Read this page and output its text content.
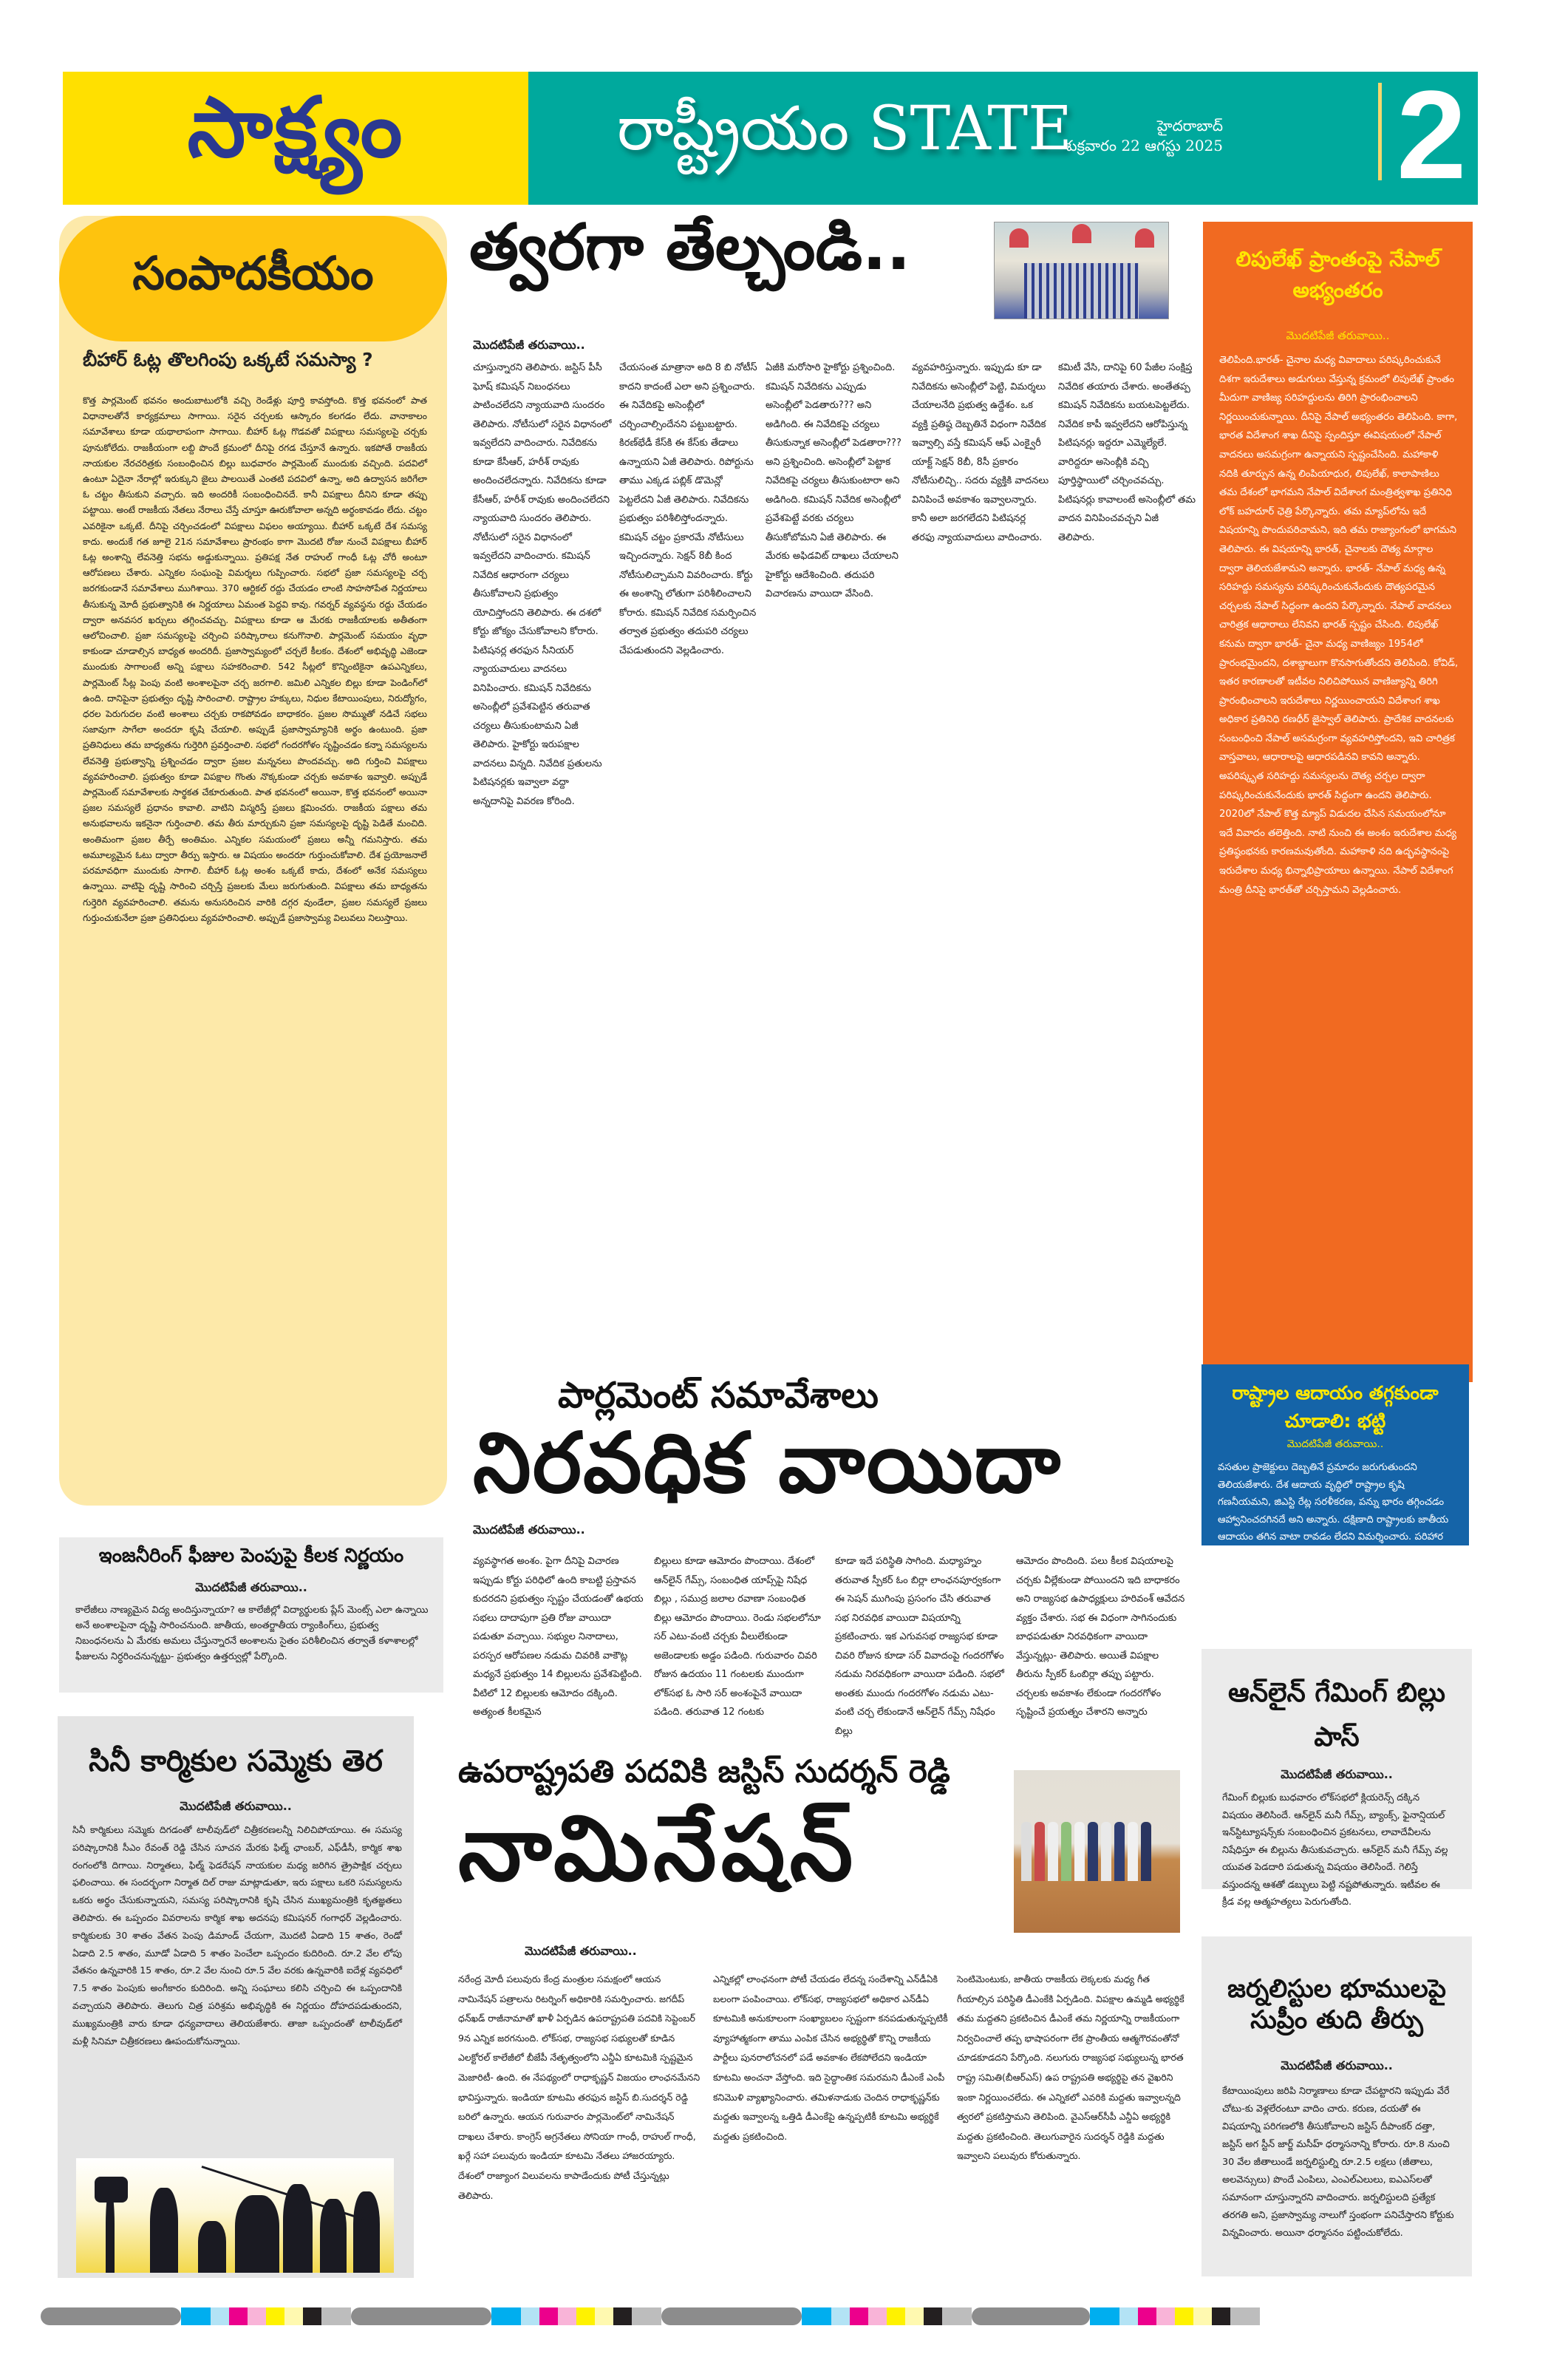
సాక్ష్యం	రాష్ట్రీయం STATE	హైదరాబాద్
శుక్రవారం 22 ఆగస్టు 2025 2
సంపాదకీయం
బీహార్ ఓట్ల తొలగింపు ఒక్కటే సమస్యా ?
కొత్త పార్లమెంట్ భవనం అందుబాటులోకి వచ్చి రెండేళ్లు పూర్తి కావస్తోంది. కొత్త భవనంలో పాత విధానాలతోనే కార్యక్రమాలు సాగాయి. సరైన చర్చలకు ఆస్కారం కలగడం లేదు. వానాకాలం సమావేశాలు కూడా యథాలాపంగా సాగాయి. బీహార్ ఓట్ల గొడవతో విపక్షాలు సమస్యలపై చర్చకు పూనుకోలేదు. రాజకీయంగా లబ్ది పొందే క్రమంలో దీనిపై రగడ చేస్తూనే ఉన్నారు. ఇకపోతే రాజకీయ నాయకుల నేరచరిత్రకు సంబంధించిన బిల్లు బుధవారం పార్లమెంట్ ముందుకు వచ్చింది. పదవిలో ఉంటూ ఏదైనా నేరాల్లో ఇరుక్కుని జైలు పాలయితే ఎంతటి పదవిలో ఉన్నా, అది ఉద్వాసన జరిగేలా ఓ చట్టం తీసుకుని వచ్చారు. ఇది అందరికీ సంబంధించినదే. కానీ విపక్షాలు దీనిని కూడా తప్పు పట్టాయి. అంటే రాజకీయ నేతలు నేరాలు చేస్తే చూస్తూ ఊరుకోవాలా అన్నది అర్థంకావడం లేదు. చట్టం ఎవరికైనా ఒక్కటే. దీనిపై చర్చించడంలో విపక్షాలు విఫలం అయ్యాయి. బీహార్ ఒక్కటే దేశ సమస్య కాదు. అందుకే గత జూలై 21న సమావేశాలు ప్రారంభం కాగా మొదటి రోజు నుంచే విపక్షాలు బీహార్ ఓట్ల అంశాన్ని లేవనెత్తి సభను అడ్డుకున్నాయి. ప్రతిపక్ష నేత రాహుల్ గాంధీ ఓట్ల చోరీ అంటూ ఆరోపణలు చేశారు. ఎన్నికల సంఘంపై విమర్శలు గుప్పించారు. సభలో ప్రజా సమస్యలపై చర్చ జరగకుండానే సమావేశాలు ముగిశాయి. 370 ఆర్టికల్ రద్దు చేయడం లాంటి సాహసోపేత నిర్ణయాలు తీసుకున్న మోదీ ప్రభుత్వానికి ఈ నిర్ణయాలు ఏమంత పెద్దవి కావు. గవర్నర్ వ్యవస్థను రద్దు చేయడం ద్వారా అనవసర ఖర్చులు తగ్గించవచ్చు. విపక్షాలు కూడా ఆ మేరకు రాజకీయాలకు అతీతంగా ఆలోచించాలి. ప్రజా సమస్యలపై చర్చించి పరిష్కారాలు కనుగొనాలి. పార్లమెంట్ సమయం వృధా కాకుండా చూడాల్సిన బాధ్యత అందరిదీ. ప్రజాస్వామ్యంలో చర్చలే కీలకం. దేశంలో అభివృద్ధి ఎజెండా ముందుకు సాగాలంటే అన్ని పక్షాలు సహకరించాలి. 542 సీట్లలో కొన్నింటికైనా ఉపఎన్నికలు, పార్లమెంట్ సీట్ల పెంపు వంటి అంశాలపైనా చర్చ జరగాలి. జమిలి ఎన్నికల బిల్లు కూడా పెండింగ్‌లో ఉంది. దానిపైనా ప్రభుత్వం దృష్టి సారించాలి. రాష్ట్రాల హక్కులు, నిధుల కేటాయింపులు, నిరుద్యోగం, ధరల పెరుగుదల వంటి అంశాలు చర్చకు రాకపోవడం బాధాకరం. ప్రజల సొమ్ముతో నడిచే సభలు సజావుగా సాగేలా అందరూ కృషి చేయాలి. అప్పుడే ప్రజాస్వామ్యానికి అర్థం ఉంటుంది. ప్రజా ప్రతినిధులు తమ బాధ్యతను గుర్తెరిగి ప్రవర్తించాలి. సభలో గందరగోళం సృష్టించడం కన్నా సమస్యలను లేవనెత్తి ప్రభుత్వాన్ని ప్రశ్నించడం ద్వారా ప్రజల మన్ననలు పొందవచ్చు. అది గుర్తించి విపక్షాలు వ్యవహరించాలి. ప్రభుత్వం కూడా విపక్షాల గొంతు నొక్కకుండా చర్చకు అవకాశం ఇవ్వాలి. అప్పుడే పార్లమెంట్ సమావేశాలకు సార్థకత చేకూరుతుంది. పాత భవనంలో అయినా, కొత్త భవనంలో అయినా ప్రజల సమస్యలే ప్రధానం కావాలి. వాటిని విస్మరిస్తే ప్రజలు క్షమించరు. రాజకీయ పక్షాలు తమ అనుభవాలను ఇకనైనా గుర్తించాలి. తమ తీరు మార్చుకుని ప్రజా సమస్యలపై దృష్టి పెడితే మంచిది. అంతిమంగా ప్రజల తీర్పే అంతిమం. ఎన్నికల సమయంలో ప్రజలు అన్నీ గమనిస్తారు. తమ అమూల్యమైన ఓటు ద్వారా తీర్పు ఇస్తారు. ఆ విషయం అందరూ గుర్తుంచుకోవాలి. దేశ ప్రయోజనాలే పరమావధిగా ముందుకు సాగాలి. బీహార్ ఓట్ల అంశం ఒక్కటే కాదు, దేశంలో అనేక సమస్యలు ఉన్నాయి. వాటిపై దృష్టి సారించి చర్చిస్తే ప్రజలకు మేలు జరుగుతుంది. విపక్షాలు తమ బాధ్యతను గుర్తెరిగి వ్యవహరించాలి. తమను అనుసరించిన వారికి దగ్గర వుండేలా, ప్రజల సమస్యలే ప్రజలు గుర్తుంచుకునేలా ప్రజా ప్రతినిధులు వ్యవహరించాలి. అప్పుడే ప్రజాస్వామ్య విలువలు నిలుస్తాయి.
త్వరగా తేల్చండి..
మొదటిపేజీ తరువాయి..
చూస్తున్నారని తెలిపారు. జస్టిస్ పీసీ ఘోష్ కమిషన్ నిబంధనలు పాటించలేదని న్యాయవాది సుందరం తెలిపారు. నోటీసులో సరైన విధానంలో ఇవ్వలేదని వాదించారు. నివేదికను కూడా కేసీఆర్, హరీశ్ రావుకు అందించలేదన్నారు. నివేదికను కూడా కేసీఆర్, హరీశ్ రావుకు అందించలేదని న్యాయవాది సుందరం తెలిపారు. నోటీసులో సరైన విధానంలో ఇవ్వలేదని వాదించారు. కమిషన్ నివేదిక ఆధారంగా చర్యలు తీసుకోవాలని ప్రభుత్వం యోచిస్తోందని తెలిపారు. ఈ దశలో కోర్టు జోక్యం చేసుకోవాలని కోరారు. పిటిషనర్ల తరఫున సీనియర్ న్యాయవాదులు వాదనలు వినిపించారు. కమిషన్ నివేదికను అసెంబ్లీలో ప్రవేశపెట్టిన తరువాత చర్యలు తీసుకుంటామని ఏజీ తెలిపారు. హైకోర్టు ఇరుపక్షాల వాదనలు విన్నది. నివేదిక ప్రతులను పిటిషనర్లకు ఇవ్వాలా వద్దా అన్నదానిపై వివరణ కోరింది.
చేయసంత మాత్రానా అది 8 బి నోటీస్ కాదని కాదంటే ఎలా అని ప్రశ్నించారు. ఈ నివేదికపై అసెంబ్లీలో చర్చించాల్సిందేనని పట్టుబట్టారు. కిరణ్‌భేడీ కేస్‌కి ఈ కేస్‌కు తేడాలు ఉన్నాయని ఏజీ తెలిపారు. రిపోర్టును తాము ఎక్కడ పబ్లిక్ డొమెన్లో పెట్టలేదని ఏజీ తెలిపారు. నివేదికను ప్రభుత్వం పరిశీలిస్తోందన్నారు. కమిషన్ చట్టం ప్రకారమే నోటీసులు ఇచ్చిందన్నారు. సెక్షన్ 8బీ కింద నోటీసులిచ్చామని వివరించారు. కోర్టు ఈ అంశాన్ని లోతుగా పరిశీలించాలని కోరారు. కమిషన్ నివేదిక సమర్పించిన తర్వాత ప్రభుత్వం తదుపరి చర్యలు చేపడుతుందని వెల్లడించారు.
ఏజీకి మరోసారి హైకోర్టు ప్రశ్నించింది. కమిషన్ నివేదికను ఎప్పుడు అసెంబ్లీలో పెడతారు??? అని అడిగింది. ఈ నివేదికపై చర్యలు తీసుకున్నాక అసెంబ్లీలో పెడతారా??? అని ప్రశ్నించింది. అసెంబ్లీలో పెట్టాక నివేదికపై చర్యలు తీసుకుంటారా అని అడిగింది. కమిషన్ నివేదిక అసెంబ్లీలో ప్రవేశపెట్టే వరకు చర్యలు తీసుకోబోమని ఏజీ తెలిపారు. ఈ మేరకు అఫిడవిట్ దాఖలు చేయాలని హైకోర్టు ఆదేశించింది. తదుపరి విచారణను వాయిదా వేసింది.
వ్యవహరిస్తున్నారు. ఇప్పుడు కూ డా నివేదికను అసెంబ్లీలో పెట్టి, విమర్శలు చేయాలనేది ప్రభుత్వ ఉద్దేశం. ఒక వ్యక్తి ప్రతిష్ఠ దెబ్బతినే విధంగా నివేదిక ఇవ్వాల్సి వస్తే కమిషన్ ఆఫ్ ఎంక్వైరీ యాక్ట్ సెక్షన్ 8బీ, 8సీ ప్రకారం నోటీసులిచ్చి.. సదరు వ్యక్తికి వాదనలు వినిపించే అవకాశం ఇవ్వాలన్నారు. కానీ అలా జరగలేదని పిటిషనర్ల తరఫు న్యాయవాదులు వాదించారు.
కమిటీ వేసి, దానిపై 60 పేజీల సంక్షిప్త నివేదిక తయారు చేశారు. అంతేతప్ప కమిషన్ నివేదికను బయటపెట్టలేదు. నివేదిక కాపీ ఇవ్వలేదని ఆరోపిస్తున్న పిటిషనర్లు ఇద్దరూ ఎమ్మెల్యేలే. వారిద్దరూ అసెంబ్లీకి వచ్చి పూర్తిస్థాయిలో చర్చించవచ్చు. పిటిషనర్లు కావాలంటే అసెంబ్లీలో తమ వాదన వినిపించవచ్చని ఏజీ తెలిపారు.
లిపులేఖ్ ప్రాంతంపై నేపాల్ అభ్యంతరం
మొదటిపేజీ తరువాయి..
తెలిపింది.భారత్- చైనాల మధ్య వివాదాలు పరిష్కరించుకునే దిశగా ఇరుదేశాలు అడుగులు వేస్తున్న క్రమంలో లిపులేఖ్ ప్రాంతం మీదుగా వాణిజ్య సరిహద్దులను తిరిగి ప్రారంభించాలని నిర్ణయించుకున్నాయి. దీనిపై నేపాల్ అభ్యంతరం తెలిపింది. కాగా, భారత విదేశాంగ శాఖ దీనిపై స్పందిస్తూ ఈవిషయంలో నేపాల్ వాదనలు అసమగ్రంగా ఉన్నాయని స్పష్టంచేసింది. మహాకాళి నదికి తూర్పున ఉన్న లింపియాధుర, లిపులేఖ్, కాలాపాణిలు తమ దేశంలో భాగమని నేపాల్ విదేశాంగ మంత్రిత్వశాఖ ప్రతినిధి లోక్ బహదూర్ ఛెత్రి పేర్కొన్నారు. తమ మ్యాప్‌లోను ఇదే విషయాన్ని పొందుపరిచామని, ఇది తమ రాజ్యాంగంలో భాగమని తెలిపారు. ఈ విషయాన్ని భారత్, చైనాలకు దౌత్య మార్గాల ద్వారా తెలియజేశామని అన్నారు. భారత్- నేపాల్ మధ్య ఉన్న సరిహద్దు సమస్యను పరిష్కరించుకునేందుకు దౌత్యపరమైన చర్చలకు నేపాల్ సిద్ధంగా ఉందని పేర్కొన్నారు. నేపాల్ వాదనలు చారిత్రక ఆధారాలు లేనివని భారత్ స్పష్టం చేసింది. లిపులేఖ్ కనుమ ద్వారా భారత్- చైనా మధ్య వాణిజ్యం 1954లో ప్రారంభమైందని, దశాబ్దాలుగా కొనసాగుతోందని తెలిపింది. కోవిడ్, ఇతర కారణాలతో ఇటీవల నిలిచిపోయిన వాణిజ్యాన్ని తిరిగి ప్రారంభించాలని ఇరుదేశాలు నిర్ణయించాయని విదేశాంగ శాఖ అధికార ప్రతినిధి రణధీర్ జైస్వాల్ తెలిపారు. ప్రాదేశిక వాదనలకు సంబంధించి నేపాల్ అసమగ్రంగా వ్యవహరిస్తోందని, ఇవి చారిత్రక వాస్తవాలు, ఆధారాలపై ఆధారపడినవి కావని అన్నారు. అపరిష్కృత సరిహద్దు సమస్యలను దౌత్య చర్చల ద్వారా పరిష్కరించుకునేందుకు భారత్ సిద్ధంగా ఉందని తెలిపారు. 2020లో నేపాల్ కొత్త మ్యాప్ విడుదల చేసిన సమయంలోనూ ఇదే వివాదం తలెత్తింది. నాటి నుంచి ఈ అంశం ఇరుదేశాల మధ్య ప్రతిష్ఠంభనకు కారణమవుతోంది. మహాకాళి నది ఉద్భవస్థానంపై ఇరుదేశాల మధ్య భిన్నాభిప్రాయాలు ఉన్నాయి. నేపాల్ విదేశాంగ మంత్రి దీనిపై భారత్‌తో చర్చిస్తామని వెల్లడించారు.
రాష్ట్రాల ఆదాయం తగ్గకుండా చూడాలి: భట్టి
మొదటిపేజీ తరువాయి..
వసతుల ప్రాజెక్టులు దెబ్బతినే ప్రమాదం జరుగుతుందని తెలియజేశారు. దేశ ఆదాయ వృద్ధిలో రాష్ట్రాల కృషి గణనీయమని, జిఎస్టి రేట్ల సరళీకరణ, పన్ను భారం తగ్గించడం ఆహ్వానించదగినదే అని అన్నారు. దక్షిణాది రాష్ట్రాలకు జాతీయ ఆదాయం తగిన వాటా రావడం లేదని విమర్శించారు. పరిహార సెస్సు కొనసాగించి.. ఆదాయాన్ని పంచాలన్న భట్టి విక్రమార్క పేర్కొన్నారు.
ఆన్‌లైన్ గేమింగ్ బిల్లు పాస్
మొదటిపేజీ తరువాయి..
గేమింగ్ బిల్లుకు బుధవారం లోక్‌సభలో క్లియరెన్స్ దక్కిన విషయం తెలిసిందే. ఆన్‌లైన్ మనీ గేమ్స్, బ్యాంక్స్, ఫైనాన్షియల్ ఇన్‌స్టిట్యూషన్స్‌కు సంబంధించిన ప్రకటనలు, లావాదేవీలను నిషేధిస్తూ ఈ బిల్లును తీసుకువచ్చారు. ఆన్‌లైన్ మనీ గేమ్స్ వల్ల యువత పెడదారి పడుతున్న విషయం తెలిసిందే. గెలిస్తే వస్తుందన్న ఆశతో డబ్బులు పెట్టి నష్టపోతున్నారు. ఇటీవల ఈ క్రీడ వల్ల ఆత్మహత్యలు పెరుగుతోంది.
జర్నలిస్టుల భూములపై సుప్రీం తుది తీర్పు
మొదటిపేజీ తరువాయి..
కేటాయింపులు జరిపి నిర్మాణాలు కూడా చేపట్టారని ఇప్పుడు వేరే చోటు-కు వెళ్లలేరంటూ వాదిం చారు. కరుణ, దయతో ఈ విషయాన్ని పరిగణలోకి తీసుకోవాలని జస్టిస్ దీపాంకర్ దత్తా, జస్టిస్ అగ స్టీన్ జార్జ్ మసీహ్ ధర్మాసనాన్ని కోరారు. రూ.8 నుంచి 30 వేల జీతాలుండే జర్నలిస్టుల్ని రూ.2.5 లక్షలు (జీతాలు, అలవెన్సులు) పొందే ఎంపిలు, ఎంఎల్ఎలులు, ఐఎఎస్‌లతో సమానంగా చూస్తున్నారని వాదించారు. జర్నలిస్టులది ప్రత్యేక తరగతి అని, ప్రజాస్వామ్య నాలుగో స్తంభంగా పనిచేస్తారని కోర్టుకు విన్నవించారు. అయినా ధర్మాసనం పట్టించుకోలేదు.
పార్లమెంట్ సమావేశాలు
నిరవధిక వాయిదా
మొదటిపేజీ తరువాయి..
వ్యవస్థాగత అంశం. పైగా దీనిపై విచారణ ఇప్పుడు కోర్టు పరిధిలో ఉంది కాబట్టి ప్రస్తావన కుదరదని ప్రభుత్వం స్పష్టం చేయడంతో ఉభయ సభలు దాదాపుగా ప్రతి రోజు వాయిదా పడుతూ వచ్చాయి. సభ్యుల నినాదాలు, పరస్పర ఆరోపణల నడుమ చివరికి వాకౌట్ల మధ్యనే ప్రభుత్వం 14 బిల్లులను ప్రవేశపెట్టింది. వీటిలో 12 బిల్లులకు ఆమోదం దక్కింది. అత్యంత కీలకమైన
బిల్లులు కూడా ఆమోదం పొందాయి. దేశంలో ఆన్‌లైన్ గేమ్స్, సంబంధిత యాప్స్‌పై నిషేధ బిల్లు , సముద్ర జలాల రవాణా సంబంధిత బిల్లు ఆమోదం పొందాయి. రెండు సభలలోనూ సర్ ఎటు-వంటి చర్చకు వీలులేకుండా అజెండాలకు అడ్డం పడింది. గురువారం చివరి రోజున ఉదయం 11 గంటలకు ముందుగా లోక్‌సభ ఓ సారి సర్ అంశంపైనే వాయిదా పడింది. తరువాత 12 గంటకు
కూడా ఇదే పరిస్థితి సాగింది. మధ్యాహ్నం తరువాత స్పీకర్ ఓం బిర్లా లాంఛనపూర్వకంగా ఈ సెషన్ ముగింపు ప్రసంగం చేసి తరువాత సభ నిరవధిక వాయిదా విషయాన్ని ప్రకటించారు. ఇక ఎగువసభ రాజ్యసభ కూడా చివరి రోజున కూడా సర్ వివాదంపై గందరగోళం నడుమ నిరవధికంగా వాయిదా పడింది. సభలో అంతకు ముందు గందరగోళం నడుమ ఎటు-వంటి చర్చ లేకుండానే ఆన్‌లైన్ గేమ్స్ నిషేధం బిల్లు
ఆమోదం పొందింది. పలు కీలక విషయాలపై చర్చకు వీల్లేకుండా పోయిందని ఇది బాధాకరం అని రాజ్యసభ ఉపాధ్యక్షులు హరివంశ్ ఆవేదన వ్యక్తం చేశారు. సభ ఈ విధంగా సాగినందుకు బాధపడుతూ నిరవధికంగా వాయిదా వేస్తున్నట్లు- తెలిపారు. అయితే విపక్షాల తీరును స్పీకర్ ఓంబిర్లా తప్పు పట్టారు. చర్చలకు అవకాశం లేకుండా గందరగోళం సృష్టించే ప్రయత్నం చేశారని అన్నారు
ఇంజనీరింగ్ ఫీజుల పెంపుపై కీలక నిర్ణయం
మొదటిపేజీ తరువాయి..
కాలేజీలు నాణ్యమైన విద్య అందిస్తున్నాయా? ఆ కాలేజీల్లో విద్యార్థులకు ప్లేస్ మెంట్స్ ఎలా ఉన్నాయి అనే అంశాలపైనా దృష్టి సారించనుంది. జాతీయ, అంతర్జాతీయ ర్యాంకింగ్‌లు, ప్రభుత్వ నిబంధనలను ఏ మేరకు అమలు చేస్తున్నారనే అంశాలను సైతం పరిశీలించిన తర్వాతే కళాశాలల్లో ఫీజులను నిర్ధరించనున్నట్టు- ప్రభుత్వం ఉత్తర్వుల్లో పేర్కొంది.
సినీ కార్మికుల సమ్మెకు తెర
మొదటిపేజీ తరువాయి..
సినీ కార్మికులు సమ్మెకు దిగడంతో టాలీవుడ్‌లో చిత్రీకరణలన్నీ నిలిచిపోయాయి. ఈ సమస్య పరిష్కారానికి సీఎం రేవంత్ రెడ్డి చేసిన సూచన మేరకు ఫిల్మ్ ఛాంబర్, ఎఫ్‌డీసీ, కార్మిక శాఖ రంగంలోకి దిగాయి. నిర్మాతలు, ఫిల్మ్ ఫెడరేషన్ నాయకుల మధ్య జరిగిన త్రైపాక్షిక చర్చలు ఫలించాయి. ఈ సందర్భంగా నిర్మాత దిల్ రాజు మాట్లాడుతూ, ఇరు పక్షాలు ఒకరి సమస్యలను ఒకరు అర్థం చేసుకున్నాయని, సమస్య పరిష్కారానికి కృషి చేసిన ముఖ్యమంత్రికి కృతజ్ఞతలు తెలిపారు. ఈ ఒప్పందం వివరాలను కార్మిక శాఖ అదనపు కమిషనర్ గంగాధర్ వెల్లడించారు. కార్మికులకు 30 శాతం వేతన పెంపు డిమాండ్ చేయగా, మొదటి ఏడాది 15 శాతం, రెండో ఏడాది 2.5 శాతం, మూడో ఏడాది 5 శాతం పెంచేలా ఒప్పందం కుదిరింది. రూ.2 వేల లోపు వేతనం ఉన్నవారికి 15 శాతం, రూ.2 వేల నుంచి రూ.5 వేల వరకు ఉన్నవారికి ఐదేళ్ల వ్యవధిలో 7.5 శాతం పెంపుకు అంగీకారం కుదిరింది. అన్ని సంఘాలు కలిసి చర్చించి ఈ ఒప్పందానికి వచ్చాయని తెలిపారు. తెలుగు చిత్ర పరిశ్రమ అభివృద్ధికి ఈ నిర్ణయం దోహదపడుతుందని, ముఖ్యమంత్రికి వారు కూడా ధన్యవాదాలు తెలియజేశారు. తాజా ఒప్పందంతో టాలీవుడ్‌లో మళ్లీ సినిమా చిత్రీకరణలు ఊపందుకోనున్నాయి.
ఉపరాష్ట్రపతి పదవికి జస్టిస్ సుదర్శన్ రెడ్డి
నామినేషన్
మొదటిపేజీ తరువాయి..
నరేంద్ర మోదీ పలువురు కేంద్ర మంత్రుల సమక్షంలో ఆయన నామినేషన్ పత్రాలను రిటర్నింగ్ అధికారికి సమర్పించారు. జగదీప్ ధన్‌ఖడ్ రాజీనామాతో ఖాళీ ఏర్పడిన ఉపరాష్ట్రపతి పదవికి సెప్టెంబర్ 9న ఎన్నిక జరగనుంది. లోక్‌సభ, రాజ్యసభ సభ్యులతో కూడిన ఎలక్టోరల్ కాలేజీలో బీజేపీ నేతృత్వంలోని ఎన్డీఏ కూటమికి స్పష్టమైన మెజారిటీ- ఉంది. ఈ నేపథ్యంలో రాధాకృష్ణన్ విజయం లాంఛనమేనని భావిస్తున్నారు. ఇండియా కూటమి తరఫున జస్టిస్ బి.సుదర్శన్ రెడ్డి బరిలో ఉన్నారు. ఆయన గురువారం పార్లమెంట్‌లో నామినేషన్ దాఖలు చేశారు. కాంగ్రెస్ అగ్రనేతలు సోనియా గాంధీ, రాహుల్ గాంధీ, ఖర్గే సహా పలువురు ఇండియా కూటమి నేతలు హాజరయ్యారు. దేశంలో రాజ్యాంగ విలువలను కాపాడేందుకు పోటీ చేస్తున్నట్లు తెలిపారు.
ఎన్నికల్లో లాంఛనంగా పోటీ చేయడం లేదన్న సందేశాన్ని ఎన్‌డీఏకి బలంగా పంపించాయి. లోక్‌సభ, రాజ్యసభలో అధికార ఎన్‌డీఏ కూటమికి అనుకూలంగా సంఖ్యాబలం స్పష్టంగా కనపడుతున్నప్పటికీ వ్యూహాత్మకంగా తాము ఎంపిక చేసిన అభ్యర్థితో కొన్ని రాజకీయ పార్టీలు పునరాలోచనలో పడే అవకాశం లేకపోలేదని ఇండియా కూటమి అంచనా వేస్తోంది. ఇది సైద్ధాంతిక సమరమని డీఎంకే ఎంపీ కనిమొళి వ్యాఖ్యానించారు. తమిళనాడుకు చెందిన రాధాకృష్ణన్‌కు మద్దతు ఇవ్వాలన్న ఒత్తిడి డీఎంకేపై ఉన్నప్పటికీ కూటమి అభ్యర్థికే మద్దతు ప్రకటించింది.
సెంటిమెంటుకు, జాతీయ రాజకీయ లెక్కలకు మధ్య గీత గీయాల్సిన పరిస్థితి డీఎంకేకి ఏర్పడింది. విపక్షాల ఉమ్మడి అభ్యర్థికే తమ మద్దతని ప్రకటించిన డీఎంకే తమ నిర్ణయాన్ని రాజకీయంగా నిర్వచించాలే తప్ప భాషాపరంగా లేక ప్రాంతీయ ఆత్మగౌరవంతోనో చూడకూడదని పేర్కొంది. నలుగురు రాజ్యసభ సభ్యులున్న భారత రాష్ట్ర సమితి(బీఆర్ఎస్) ఉప రాష్ట్రపతి అభ్యర్థిపై తన వైఖరిని ఇంకా నిర్ణయించలేదు. ఈ ఎన్నికలో ఎవరికి మద్దతు ఇవ్వాలన్నది త్వరలో ప్రకటిస్తామని తెలిపింది. వైఎస్ఆర్‌సీపీ ఎన్డీఏ అభ్యర్థికి మద్దతు ప్రకటించింది. తెలుగువారైన సుదర్శన్ రెడ్డికి మద్దతు ఇవ్వాలని పలువురు కోరుతున్నారు.
